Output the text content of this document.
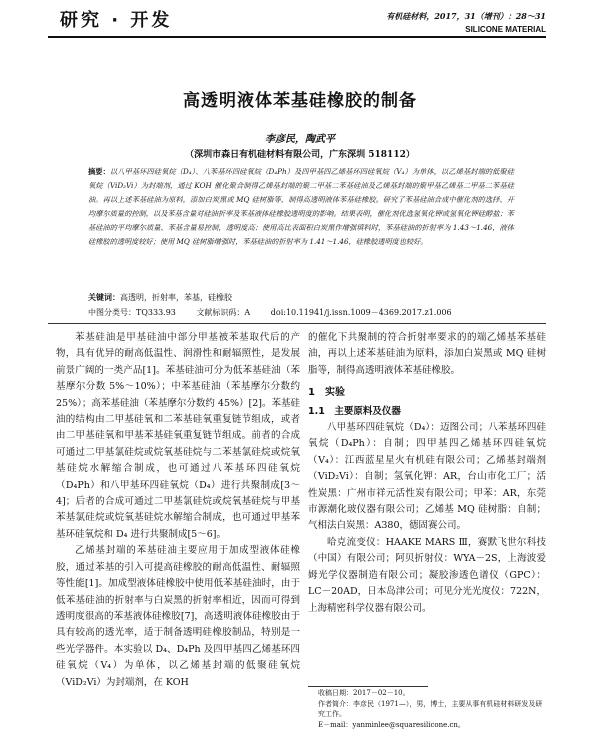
研究 · 开发	有机硅材料，2017，31（增刊）：28～31
SILICONE MATERIAL
高透明液体苯基硅橡胶的制备
李彦民，陶武平
（深圳市森日有机硅材料有限公司，广东深圳 518112）
摘要：以八甲基环四硅氧烷（D₄）、八苯基环四硅氧烷（D₄Ph）及四甲基四乙烯基环四硅氧烷（V₄）为单体，以乙烯基封端的低聚硅氧烷（ViD₂Vi）为封端剂，通过 KOH 催化聚合制得乙烯基封端的聚二甲基二苯基硅油及乙烯基封端的聚甲基乙烯基二甲基二苯基硅油。再以上述苯基硅油为原料，添加白炭黑或 MQ 硅树脂等，制得高透明液体苯基硅橡胶。研究了苯基硅油合成中催化剂的选择、开均摩尔质量的控制，以及苯基含量对硅油折率及苯基液体硅橡胶透明度的影响。结果表明，催化剂优选氢氧化钾或氢氧化钾硅醇盐；苯基硅油的平均摩尔质量、苯基含量易控制，透明度高；使用高比表面积白炭黑作增强填料时，苯基硅油的折射率为 1.43～1.46，液体硅橡胶的透明度较好；使用 MQ 硅树脂增强时，苯基硅油的折射率为 1.41～1.46，硅橡胶透明度也较好。
关键词：高透明，折射率，苯基，硅橡胶
中图分类号：TQ333.93	文献标识码：A	doi:10.11941/j.issn.1009－4369.2017.z1.006

苯基硅油是甲基硅油中部分甲基被苯基取代后的产物，具有优异的耐高低温性、润滑性和耐辐照性，是发展前景广阔的一类产品[1]。苯基硅油可分为低苯基硅油（苯基摩尔分数 5%～10%）；中苯基硅油（苯基摩尔分数约 25%）；高苯基硅油（苯基摩尔分数约 45%）[2]。苯基硅油的结构由二甲基硅氧和二苯基硅氧重复链节组成，或者由二甲基硅氧和甲基苯基硅氧重复链节组成。前者的合成可通过二甲基氯硅烷或烷氧基硅烷与二苯基氯硅烷或烷氧基硅烷水解缩合制成，也可通过八苯基环四硅氧烷（D₄Ph）和八甲基环四硅氧烷（D₄）进行共聚制成[3～4]；后者的合成可通过二甲基氯硅烷或烷氧基硅烷与甲基苯基氯硅烷或烷氧基硅烷水解缩合制成，也可通过甲基苯基环硅氧烷和 D₄ 进行共聚制成[5～6]。

乙烯基封端的苯基硅油主要应用于加成型液体硅橡胶，通过苯基的引入可提高硅橡胶的耐高低温性、耐辐照等性能[1]。加成型液体硅橡胶中使用低苯基硅油时，由于低苯基硅油的折射率与白炭黑的折射率相近，因而可得到透明度很高的苯基液体硅橡胶[7]，高透明液体硅橡胶由于具有较高的透光率，适于制备透明硅橡胶制品，特别是一些光学器件。本实验以 D₄、D₄Ph 及四甲基四乙烯基环四硅氧烷（V₄）为单体，以乙烯基封端的低聚硅氧烷（ViD₂Vi）为封端剂，在 KOH

的催化下共聚制的符合折射率要求的的端乙烯基苯基硅油，再以上述苯基硅油为原料，添加白炭黑或 MQ 硅树脂等，制得高透明液体苯基硅橡胶。

1　实验
1.1　主要原料及仪器

八甲基环四硅氧烷（D₄）：迈图公司；八苯基环四硅氧烷（D₄Ph）：自制；四甲基四乙烯基环四硅氧烷（V₄）：江西蓝星星火有机硅有限公司；乙烯基封端剂（ViD₂Vi）：自制；氢氧化钾：AR，台山市化工厂；活性炭黑：广州市祥元活性炭有限公司；甲苯：AR，东莞市源潮化玻仪器有限公司；乙烯基 MQ 硅树脂：自制；气相法白炭黑：A380，德固赛公司。

哈克流变仪：HAAKE MARS Ⅲ，赛默飞世尔科技（中国）有限公司；阿贝折射仪：WYA－2S，上海波爱姆光学仪器制造有限公司；凝胶渗透色谱仪（GPC）：LC－20AD，日本岛津公司；可见分光光度仪：722N，上海精密科学仪器有限公司。

收稿日期：2017－02－10。
作者简介：李彦民（1971—），男，博士，主要从事有机硅材料研发及研究工作。
E－mail：yanminlee@squaresilicone.cn。
